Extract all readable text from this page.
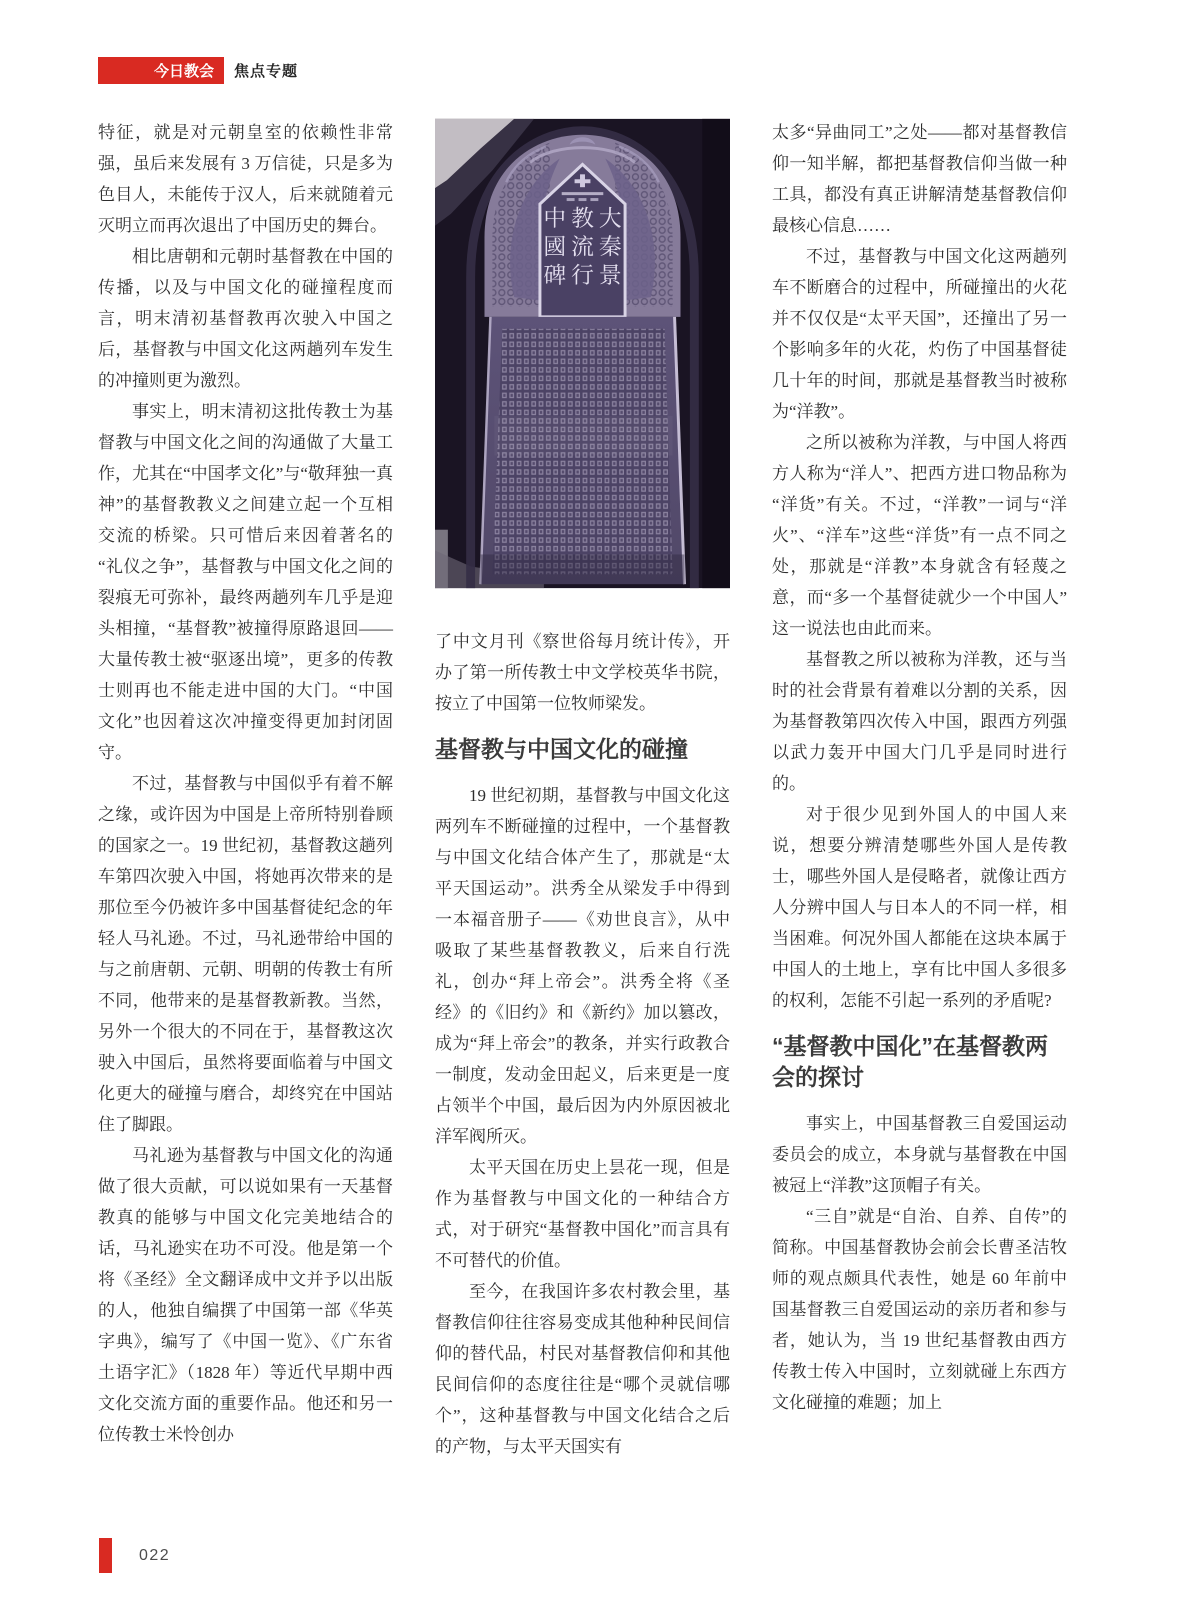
今日教会 焦点专题

特征，就是对元朝皇室的依赖性非常强，虽后来发展有 3 万信徒，只是多为色目人，未能传于汉人，后来就随着元灭明立而再次退出了中国历史的舞台。

相比唐朝和元朝时基督教在中国的传播，以及与中国文化的碰撞程度而言，明末清初基督教再次驶入中国之后，基督教与中国文化这两趟列车发生的冲撞则更为激烈。

事实上，明末清初这批传教士为基督教与中国文化之间的沟通做了大量工作，尤其在“中国孝文化”与“敬拜独一真神”的基督教教义之间建立起一个互相交流的桥梁。只可惜后来因着著名的“礼仪之争”，基督教与中国文化之间的裂痕无可弥补，最终两趟列车几乎是迎头相撞，“基督教”被撞得原路退回——大量传教士被“驱逐出境”，更多的传教士则再也不能走进中国的大门。“中国文化”也因着这次冲撞变得更加封闭固守。

不过，基督教与中国似乎有着不解之缘，或许因为中国是上帝所特别眷顾的国家之一。19 世纪初，基督教这趟列车第四次驶入中国，将她再次带来的是那位至今仍被许多中国基督徒纪念的年轻人马礼逊。不过，马礼逊带给中国的与之前唐朝、元朝、明朝的传教士有所不同，他带来的是基督教新教。当然，另外一个很大的不同在于，基督教这次驶入中国后，虽然将要面临着与中国文化更大的碰撞与磨合，却终究在中国站住了脚跟。

马礼逊为基督教与中国文化的沟通做了很大贡献，可以说如果有一天基督教真的能够与中国文化完美地结合的话，马礼逊实在功不可没。他是第一个将《圣经》全文翻译成中文并予以出版的人，他独自编撰了中国第一部《华英字典》，编写了《中国一览》、《广东省土语字汇》（1828 年）等近代早期中西文化交流方面的重要作品。他还和另一位传教士米怜创办

大
秦
景
教
流
行
中
國
碑

了中文月刊《察世俗每月统计传》，开办了第一所传教士中文学校英华书院，按立了中国第一位牧师梁发。

基督教与中国文化的碰撞

19 世纪初期，基督教与中国文化这两列车不断碰撞的过程中，一个基督教与中国文化结合体产生了，那就是“太平天国运动”。洪秀全从梁发手中得到一本福音册子——《劝世良言》，从中吸取了某些基督教教义，后来自行洗礼，创办“拜上帝会”。洪秀全将《圣经》的《旧约》和《新约》加以篡改，成为“拜上帝会”的教条，并实行政教合一制度，发动金田起义，后来更是一度占领半个中国，最后因为内外原因被北洋军阀所灭。

太平天国在历史上昙花一现，但是作为基督教与中国文化的一种结合方式，对于研究“基督教中国化”而言具有不可替代的价值。

至今，在我国许多农村教会里，基督教信仰往往容易变成其他种种民间信仰的替代品，村民对基督教信仰和其他民间信仰的态度往往是“哪个灵就信哪个”，这种基督教与中国文化结合之后的产物，与太平天国实有

太多“异曲同工”之处——都对基督教信仰一知半解，都把基督教信仰当做一种工具，都没有真正讲解清楚基督教信仰最核心信息……

不过，基督教与中国文化这两趟列车不断磨合的过程中，所碰撞出的火花并不仅仅是“太平天国”，还撞出了另一个影响多年的火花，灼伤了中国基督徒几十年的时间，那就是基督教当时被称为“洋教”。

之所以被称为洋教，与中国人将西方人称为“洋人”、把西方进口物品称为“洋货”有关。不过，“洋教”一词与“洋火”、“洋车”这些“洋货”有一点不同之处，那就是“洋教”本身就含有轻蔑之意，而“多一个基督徒就少一个中国人”这一说法也由此而来。

基督教之所以被称为洋教，还与当时的社会背景有着难以分割的关系，因为基督教第四次传入中国，跟西方列强以武力轰开中国大门几乎是同时进行的。

对于很少见到外国人的中国人来说，想要分辨清楚哪些外国人是传教士，哪些外国人是侵略者，就像让西方人分辨中国人与日本人的不同一样，相当困难。何况外国人都能在这块本属于中国人的土地上，享有比中国人多很多的权利，怎能不引起一系列的矛盾呢?

“基督教中国化”在基督教两会的探讨

事实上，中国基督教三自爱国运动委员会的成立，本身就与基督教在中国被冠上“洋教”这顶帽子有关。

“三自”就是“自治、自养、自传”的简称。中国基督教协会前会长曹圣洁牧师的观点颇具代表性，她是 60 年前中国基督教三自爱国运动的亲历者和参与者，她认为，当 19 世纪基督教由西方传教士传入中国时，立刻就碰上东西方文化碰撞的难题；加上

022
